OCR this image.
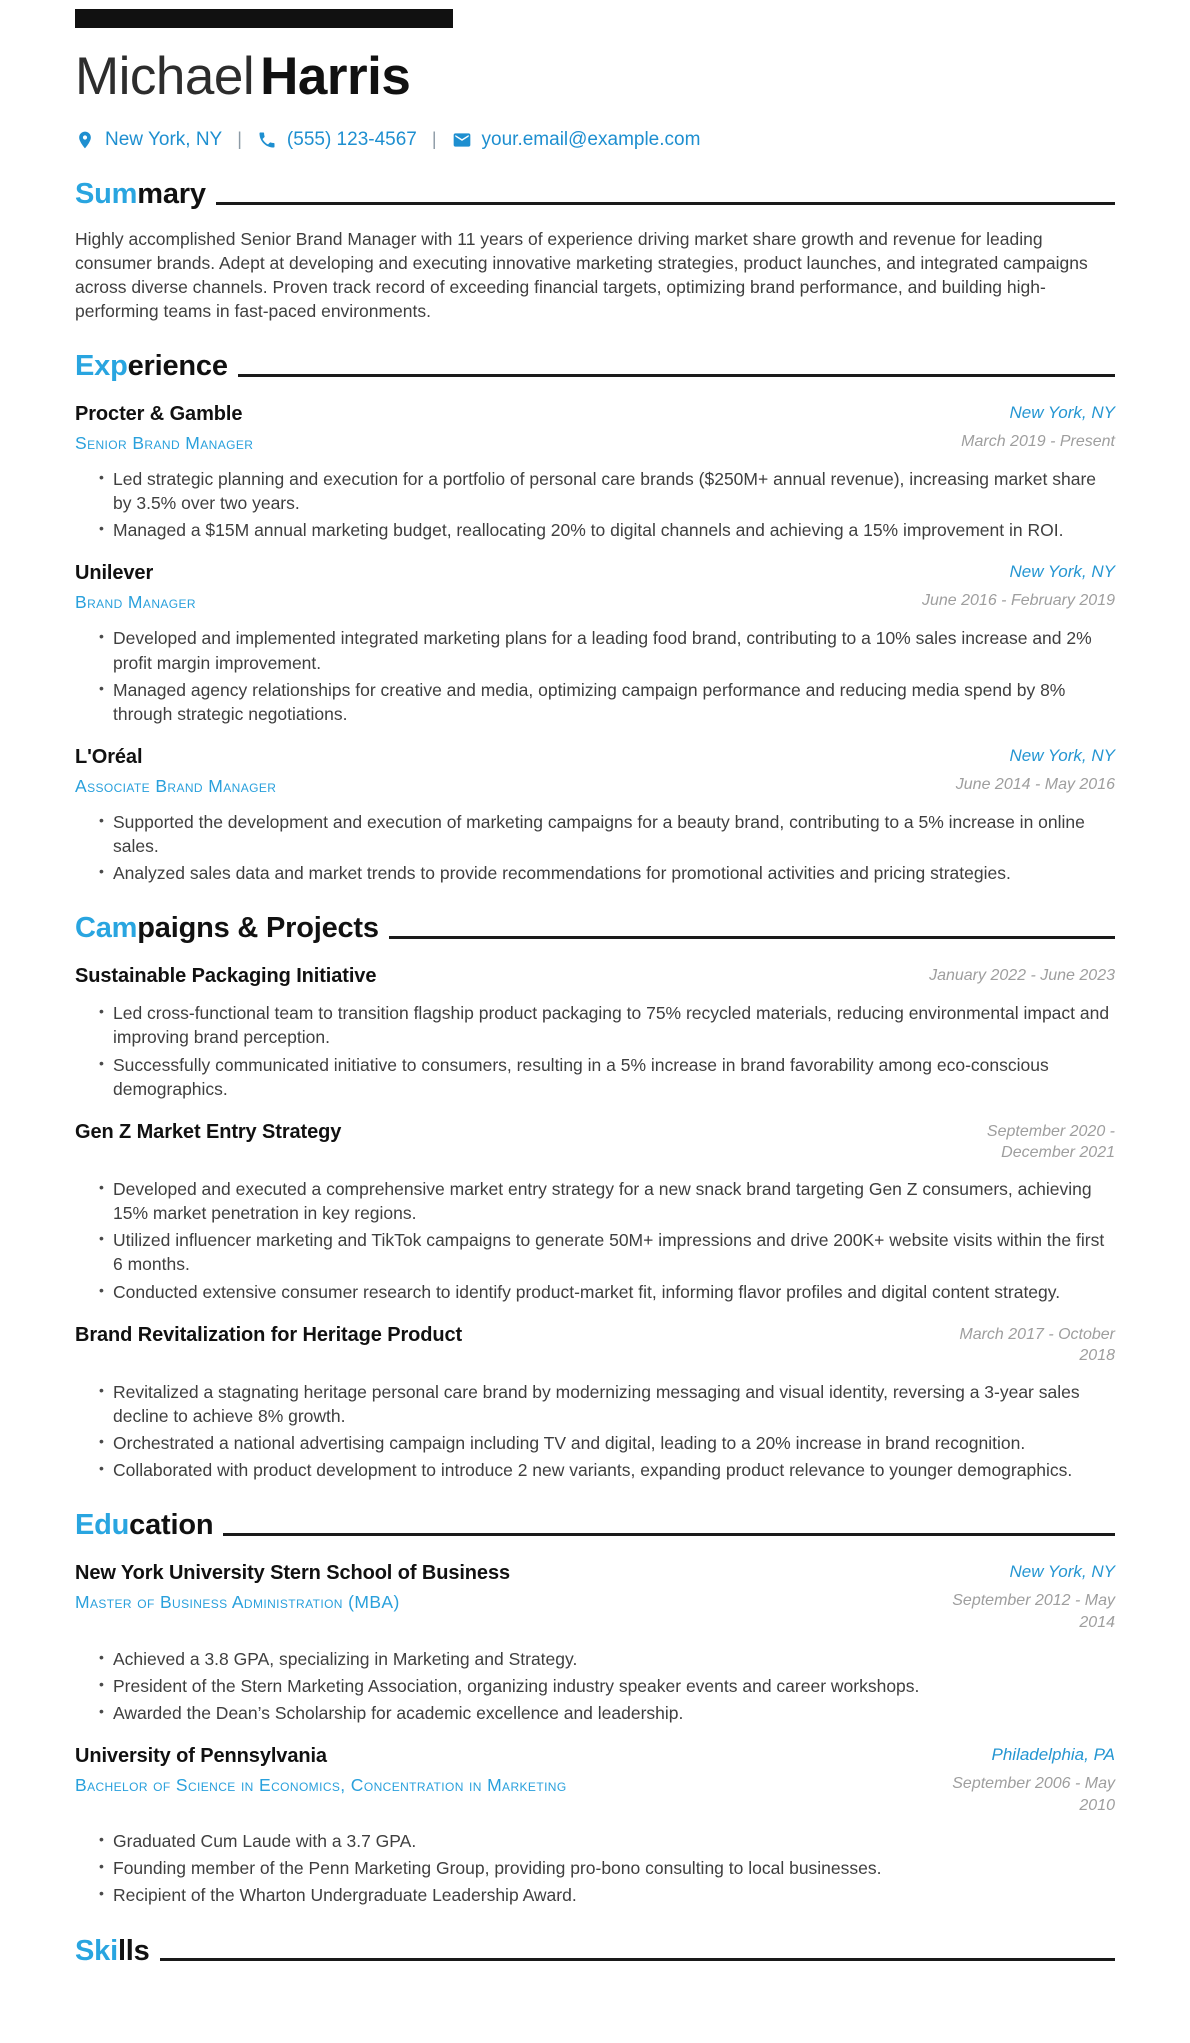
Michael Harris
New York, NY | (555) 123-4567 | your.email@example.com
Summary

Highly accomplished Senior Brand Manager with 11 years of experience driving market share growth and revenue for leading consumer brands. Adept at developing and executing innovative marketing strategies, product launches, and integrated campaigns across diverse channels. Proven track record of exceeding financial targets, optimizing brand performance, and building high-performing teams in fast-paced environments.

Experience
Procter & Gamble
Senior Brand Manager
New York, NY
March 2019 - Present
• Led strategic planning and execution for a portfolio of personal care brands ($250M+ annual revenue), increasing market share by 3.5% over two years.
• Managed a $15M annual marketing budget, reallocating 20% to digital channels and achieving a 15% improvement in ROI.
Unilever
Brand Manager
New York, NY
June 2016 - February 2019
• Developed and implemented integrated marketing plans for a leading food brand, contributing to a 10% sales increase and 2% profit margin improvement.
• Managed agency relationships for creative and media, optimizing campaign performance and reducing media spend by 8% through strategic negotiations.
L'Oréal
Associate Brand Manager
New York, NY
June 2014 - May 2016
• Supported the development and execution of marketing campaigns for a beauty brand, contributing to a 5% increase in online sales.
• Analyzed sales data and market trends to provide recommendations for promotional activities and pricing strategies.
Campaigns & Projects
Sustainable Packaging Initiative	January 2022 - June 2023
• Led cross-functional team to transition flagship product packaging to 75% recycled materials, reducing environmental impact and improving brand perception.
• Successfully communicated initiative to consumers, resulting in a 5% increase in brand favorability among eco-conscious demographics.
Gen Z Market Entry Strategy	September 2020 - December 2021
• Developed and executed a comprehensive market entry strategy for a new snack brand targeting Gen Z consumers, achieving 15% market penetration in key regions.
• Utilized influencer marketing and TikTok campaigns to generate 50M+ impressions and drive 200K+ website visits within the first 6 months.
• Conducted extensive consumer research to identify product-market fit, informing flavor profiles and digital content strategy.
Brand Revitalization for Heritage Product	March 2017 - October 2018
• Revitalized a stagnating heritage personal care brand by modernizing messaging and visual identity, reversing a 3-year sales decline to achieve 8% growth.
• Orchestrated a national advertising campaign including TV and digital, leading to a 20% increase in brand recognition.
• Collaborated with product development to introduce 2 new variants, expanding product relevance to younger demographics.
Education
New York University Stern School of Business
Master of Business Administration (MBA)
New York, NY
September 2012 - May 2014
• Achieved a 3.8 GPA, specializing in Marketing and Strategy.
• President of the Stern Marketing Association, organizing industry speaker events and career workshops.
• Awarded the Dean’s Scholarship for academic excellence and leadership.
University of Pennsylvania
Bachelor of Science in Economics, Concentration in Marketing
Philadelphia, PA
September 2006 - May 2010
• Graduated Cum Laude with a 3.7 GPA.
• Founding member of the Penn Marketing Group, providing pro-bono consulting to local businesses.
• Recipient of the Wharton Undergraduate Leadership Award.
Skills
